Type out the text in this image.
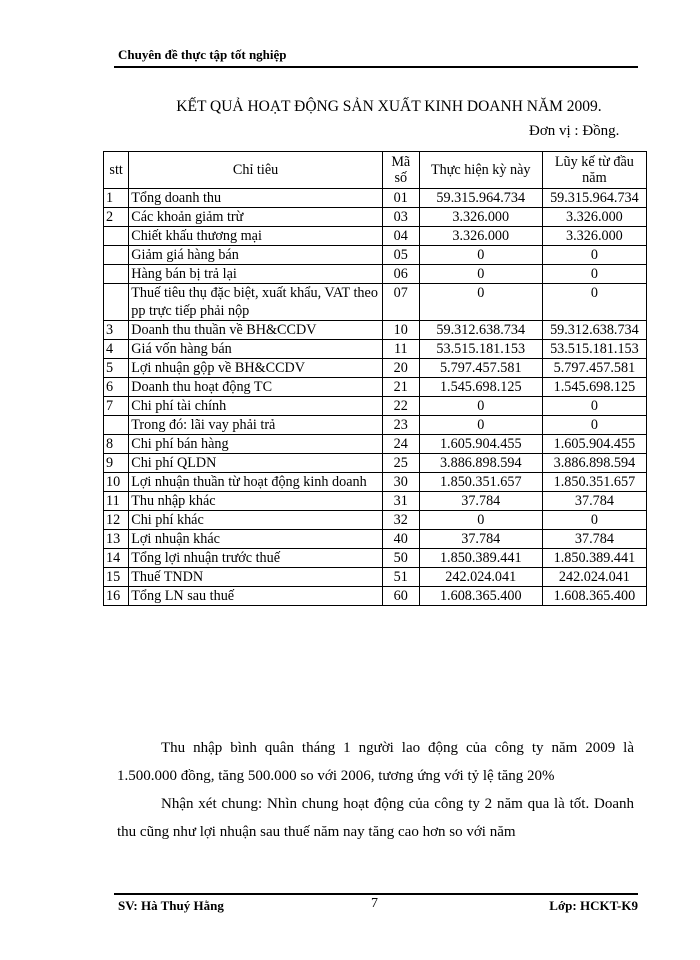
Chuyên đề thực tập tốt nghiệp
KẾT QUẢ HOẠT ĐỘNG SẢN XUẤT KINH DOANH NĂM 2009.
Đơn vị : Đồng.
stt	Chỉ tiêu	Mã số	Thực hiện kỳ này	Lũy kế từ đầu năm
1	Tổng doanh thu	01	59.315.964.734	59.315.964.734
2	Các khoản giảm trừ	03	3.326.000	3.326.000
	Chiết khấu thương mại	04	3.326.000	3.326.000
	Giảm giá hàng bán	05	0	0
	Hàng bán bị trả lại	06	0	0
	Thuế tiêu thụ đặc biệt, xuất khẩu, VAT theo pp trực tiếp phải nộp	07	0	0
3	Doanh thu thuần về BH&CCDV	10	59.312.638.734	59.312.638.734
4	Giá vốn hàng bán	11	53.515.181.153	53.515.181.153
5	Lợi nhuận gộp về BH&CCDV	20	5.797.457.581	5.797.457.581
6	Doanh thu hoạt động TC	21	1.545.698.125	1.545.698.125
7	Chi phí tài chính	22	0	0
	Trong đó: lãi vay phải trả	23	0	0
8	Chi phí bán hàng	24	1.605.904.455	1.605.904.455
9	Chi phí QLDN	25	3.886.898.594	3.886.898.594
10	Lợi nhuận thuần từ hoạt động kinh doanh	30	1.850.351.657	1.850.351.657
11	Thu nhập khác	31	37.784	37.784
12	Chi phí khác	32	0	0
13	Lợi nhuận khác	40	37.784	37.784
14	Tổng lợi nhuận trước thuế	50	1.850.389.441	1.850.389.441
15	Thuế TNDN	51	242.024.041	242.024.041
16	Tổng LN sau thuế	60	1.608.365.400	1.608.365.400
Thu nhập bình quân tháng 1 người lao động của công ty năm 2009 là 1.500.000 đồng, tăng 500.000 so với 2006, tương ứng với tỷ lệ tăng 20%
Nhận xét chung: Nhìn chung hoạt động của công ty 2 năm qua là tốt. Doanh thu cũng như lợi nhuận sau thuế năm nay tăng cao hơn so với năm
SV: Hà Thuý Hằng	7	Lớp: HCKT-K9
